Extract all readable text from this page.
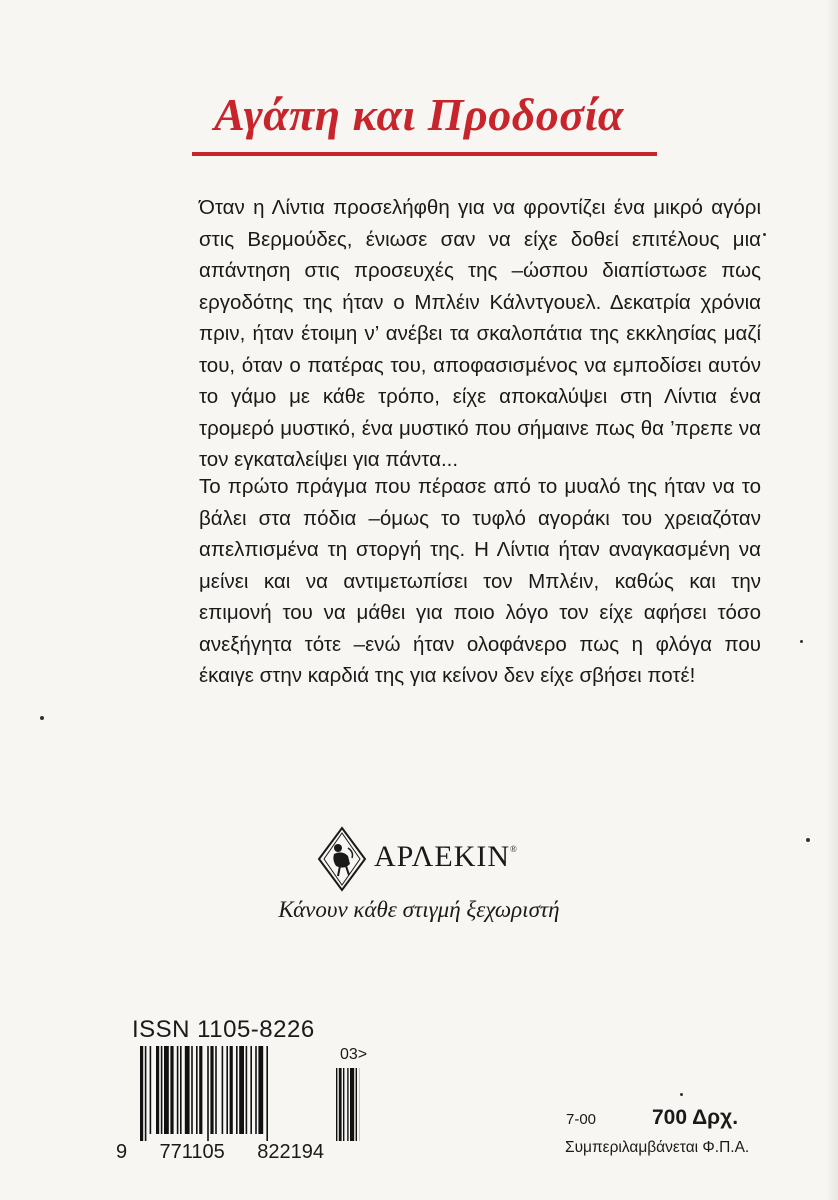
Αγάπη και Προδοσία

Όταν η Λίντια προσελήφθη για να φροντίζει ένα μικρό αγόρι στις Βερμούδες, ένιωσε σαν να είχε δοθεί επιτέλους μια απάντηση στις προσευχές της –ώσπου διαπίστωσε πως εργοδότης της ήταν ο Μπλέιν Κάλντγουελ. Δεκατρία χρόνια πριν, ήταν έτοιμη ν’ ανέβει τα σκαλοπάτια της εκκλησίας μαζί του, όταν ο πατέρας του, αποφασισμένος να εμποδίσει αυτόν το γάμο με κάθε τρόπο, είχε αποκαλύψει στη Λίντια ένα τρομερό μυστικό, ένα μυστικό που σήμαινε πως θα ’πρεπε να τον εγκαταλείψει για πάντα...

Το πρώτο πράγμα που πέρασε από το μυαλό της ήταν να το βάλει στα πόδια –όμως το τυφλό αγοράκι του χρειαζόταν απελπισμένα τη στοργή της. Η Λίντια ήταν αναγκασμένη να μείνει και να αντιμετωπίσει τον Μπλέιν, καθώς και την επιμονή του να μάθει για ποιο λόγο τον είχε αφήσει τόσο ανεξήγητα τότε –ενώ ήταν ολοφάνερο πως η φλόγα που έκαιγε στην καρδιά της για κείνον δεν είχε σβήσει ποτέ!

ΑΡΛΕΚΙΝ®
Κάνουν κάθε στιγμή ξεχωριστή
ISSN 1105-8226
9 771105 822194
03>
7-00	700 Δρχ.
Συμπεριλαμβάνεται Φ.Π.Α.
